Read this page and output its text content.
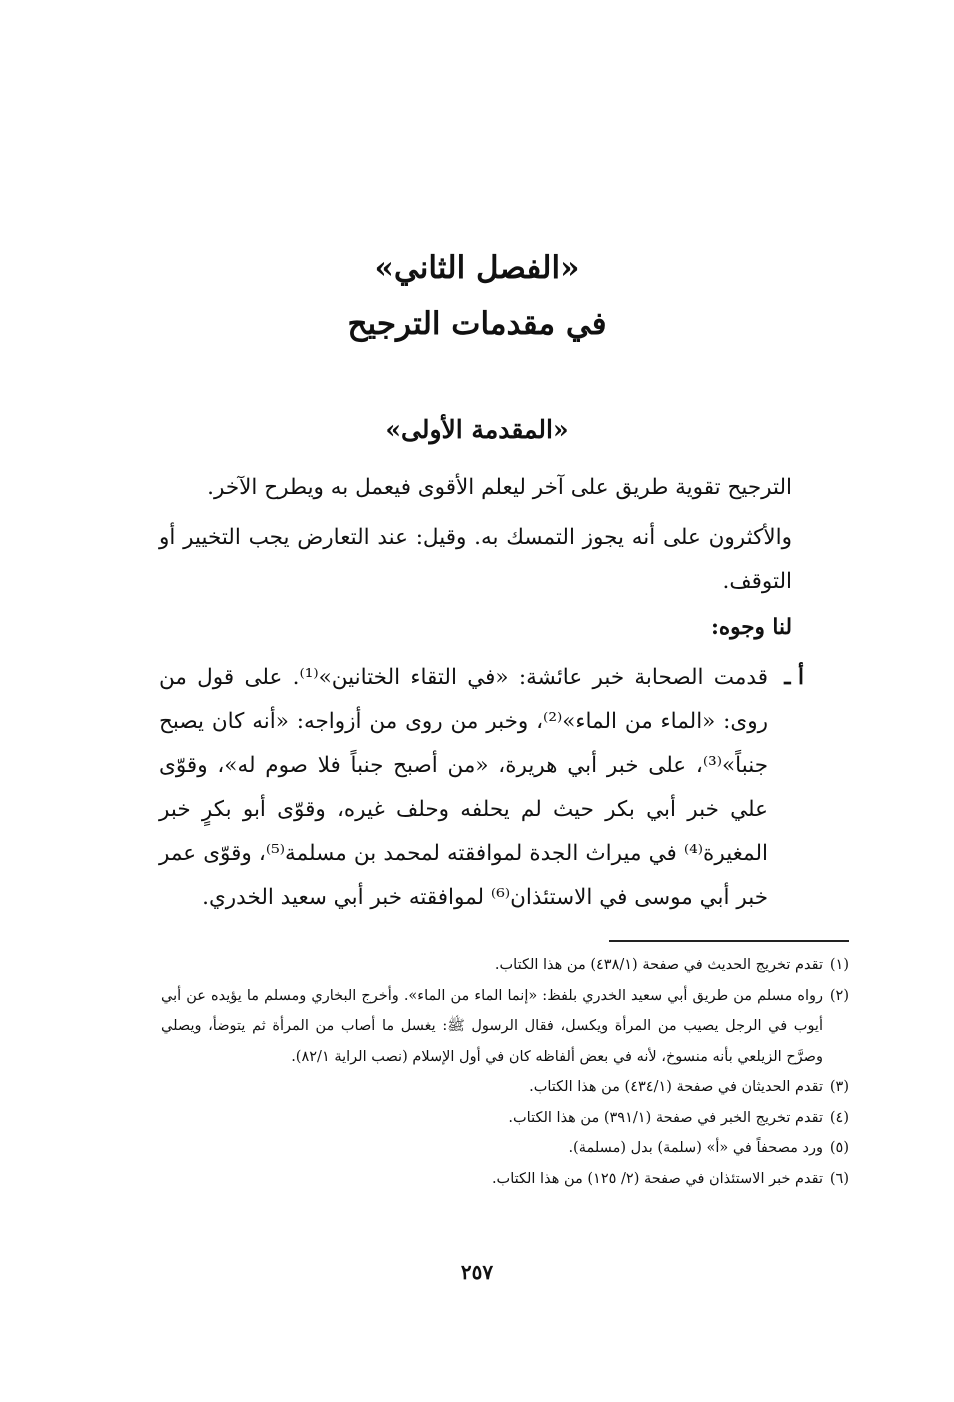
«الفصل الثاني»
في مقدمات الترجيح
«المقدمة الأولى»

الترجيح تقوية طريق على آخر ليعلم الأقوى فيعمل به ويطرح الآخر.

والأكثرون على أنه يجوز التمسك به. وقيل: عند التعارض يجب التخيير أو التوقف.

لنا وجوه:

أ ـ
قدمت الصحابة خبر عائشة: «في التقاء الختانين»⁽¹⁾. على قول من روى: «الماء من الماء»⁽²⁾، وخبر من روى من أزواجه: «أنه كان يصبح جنباً»⁽³⁾، على خبر أبي هريرة، «من أصبح جنباً فلا صوم له»، وقوّى علي خبر أبي بكر حيث لم يحلفه وحلف غيره، وقوّى أبو بكرٍ خبر المغيرة⁽⁴⁾ في ميراث الجدة لموافقته لمحمد بن مسلمة⁽⁵⁾، وقوّى عمر خبر أبي موسى في الاستئذان⁽⁶⁾ لموافقته خبر أبي سعيد الخدري.

(١)
تقدم تخريج الحديث في صفحة (٤٣٨/١) من هذا الكتاب.

(٢)
رواه مسلم من طريق أبي سعيد الخدري بلفظ: «إنما الماء من الماء». وأخرج البخاري ومسلم ما يؤيده عن أبي أيوب في الرجل يصيب من المرأة ويكسل، فقال الرسول ﷺ: يغسل ما أصاب من المرأة ثم يتوضأ، ويصلي وصرَّح الزيلعي بأنه منسوخ، لأنه في بعض ألفاظه كان في أول الإسلام (نصب الراية ٨٢/١).

(٣)
تقدم الحديثان في صفحة (٤٣٤/١) من هذا الكتاب.

(٤)
تقدم تخريج الخبر في صفحة (٣٩١/١) من هذا الكتاب.

(٥)
ورد مصحفاً في «أ» (سلمة) بدل (مسلمة).

(٦)
تقدم خبر الاستئذان في صفحة (٢/ ١٢٥) من هذا الكتاب.

٢٥٧
